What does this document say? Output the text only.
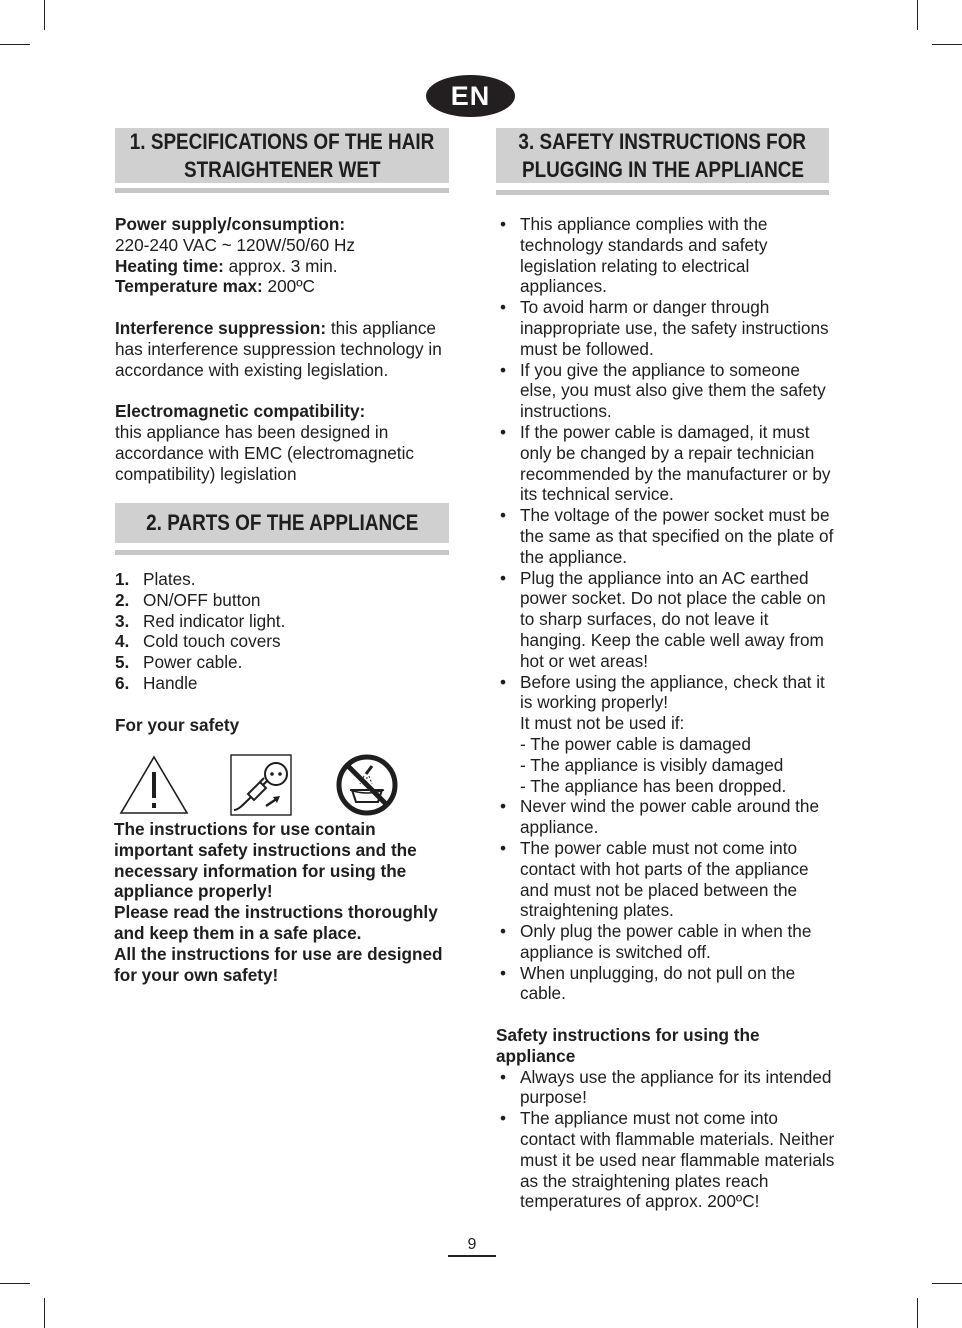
EN
1. SPECIFICATIONS OF THE HAIR
STRAIGHTENER WET

Power supply/consumption:

220-240 VAC ~ 120W/50/60 Hz

Heating time: approx. 3 min.

Temperature max: 200ºC

Interference suppression: this appliance has interference suppression technology in accordance with existing legislation.

Electromagnetic compatibility:

this appliance has been designed in accordance with EMC (electromagnetic compatibility) legislation

2. PARTS OF THE APPLIANCE
1. Plates.
2. ON/OFF button
3. Red indicator light.
4. Cold touch covers
5. Power cable.
6. Handle

For your safety

The instructions for use contain important safety instructions and the necessary information for using the appliance properly!

Please read the instructions thoroughly and keep them in a safe place.

All the instructions for use are designed for your own safety!

3. SAFETY INSTRUCTIONS FOR
PLUGGING IN THE APPLIANCE
• This appliance complies with the technology standards and safety legislation relating to electrical appliances.
• To avoid harm or danger through inappropriate use, the safety instructions must be followed.
• If you give the appliance to someone else, you must also give them the safety instructions.
• If the power cable is damaged, it must only be changed by a repair technician recommended by the manufacturer or by its technical service.
• The voltage of the power socket must be the same as that specified on the plate of the appliance.
• Plug the appliance into an AC earthed power socket. Do not place the cable on to sharp surfaces, do not leave it hanging. Keep the cable well away from hot or wet areas!
• Before using the appliance, check that it is working properly!
It must not be used if:
- The power cable is damaged
- The appliance is visibly damaged
- The appliance has been dropped.
• Never wind the power cable around the appliance.
• The power cable must not come into contact with hot parts of the appliance and must not be placed between the straightening plates.
• Only plug the power cable in when the appliance is switched off.
• When unplugging, do not pull on the cable.

Safety instructions for using the appliance

• Always use the appliance for its intended purpose!
• The appliance must not come into contact with flammable materials. Neither must it be used near flammable materials as the straightening plates reach temperatures of approx. 200ºC!
9
